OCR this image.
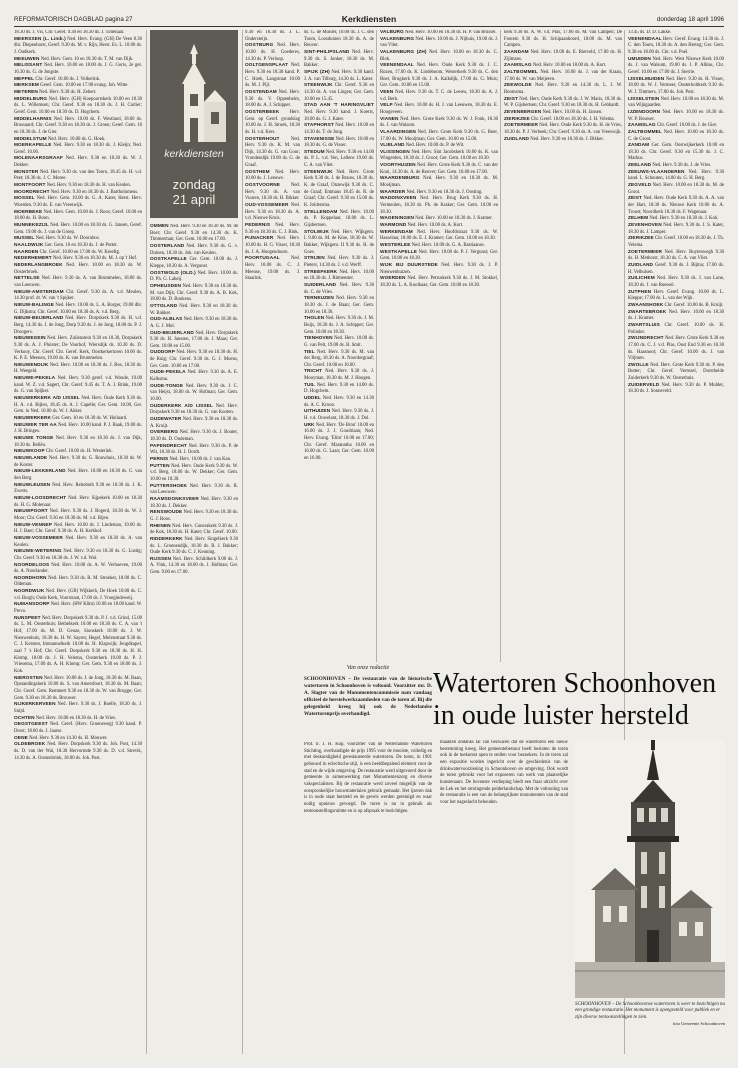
REFORMATORISCH DAGBLAD pagina 27	Kerkdiensten	donderdag 18 april 1996

18.30 ds. J. Vis, Chr. Geref. 9.30 en 18.30 ds. J. Tollenaar.

MEERSSEN (L. Limb.) Ned. Herv. Evang. (GH) De Veen 8.30 dhr. Diepenhorst, Geref. 9.30 ds. M. v. Rijn, Herst. Ev. L. 10.00 ds. J. Oudkerk.

MEEUWEN Ned. Herv. Gem. 10 en 18.30 ds. T. M. van Dijk.

MELISSANT Ned. Herv. 10.00 en 18.00 ds. J. G. Goris, 2e ger. 10.30 ds. G. de Jongste.

MEPPEL Chr. Geref. 10.00 ds. J. Volkerink.

MERKSEM Geref. Gem. 10.00 en 17.00 evang. Joh. Witte.

METEREN Ned. Herv. 9.30 ds. H. Zebert.

MIDDELBURG Ned. Herv. (GH) Koepoortskerk 10.00 en 18.30 ds. L. Willemsen; Chr. Geref. 9.30 en 18.30 ds. J. H. Carlier; Geref. Gem. 10.00 en 18.30 ds. D. Hogchem.

MIDDELHARNIS Ned. Herv. 10.00 ds. F. Westland, 18.00 ds. Brussaard; Chr. Geref. 9.30 en 18.30 ds. J. Groen; Geref. Gem. 10 en 18.30 ds. J. de Gier.

MIDDELSTUM Ned. Herv. 10.00 ds. G. Hoek.

MOERKAPELLE Ned. Herv. 9.30 en 18.30 ds. J. Kleijn; Ned. Geref. 10.00.

MOLENAARSGRAAF Ned. Herv. 9.30 en 18.30 ds. W. J. Dekker.

MONSTER Ned. Herv. 9.30 ds. van den Toorn, 18.45 ds. H. v.d. Peet; 18.30 ds. J. C. Moree.

MONTFOORT Ned. Herv. 9.30 en 18.30 ds. H. van Keulen.

MOORDRECHT Ned. Herv. 9.30 en 18.30 ds. J. Bartholomeus.

MOSSEL Ned. Herv. Gem. 10.00 ds. G. A. Kater, Herst. Herv. Woerden. 9.30 ds. E. van Vreeswijk.

MOERBEKE Ned. Herv. Gem. 10.00 ds. J. Roos; Geref. 10.00 en 18.00 ds. H. Boon.

MUNNEKEZIJL Ned. Herv. 10.00 en 18.30 ds. G. Jansen, Geref. Gem. 19.00 ds. J. van de Groep.

MUSSEL Ned. Herv. 9.30 ds. W. Doornbos.

NAALDWIJK Ger. Gem. 10 en 18.30 ds. J. de Potter.

NAARDEN Chr. Geref. 10.00 en 17.00 ds. W. Kreeftg.

NEDERHEMERT Ned. Herv. 9.30 en 18.30 ds. M. J. op 't Hof.

NEDERLANGBROEK Ned. Herv. 10.00 en 18.30 ds. W. Oosterbroek.

NETTELSE Ned. Herv. 9.30 ds. A. van Brummelen, 18.00 ds. van Leeuwen.

NIEUW-AMSTERDAM Chr. Geref. 9.30 ds. A. v.d. Meulen, 14.30 prof. dr. W. van 't Spijker.

NIEUW-BALINGE Ned. Herv. 10.00 ds. L. A. Borger, 19.00 dhr. G. Dijkstra; Chr. Geref. 10.00 en 18.30 ds. A. v.d. Berg.

NIEUW-BEIJERLAND Ned. Herv. Dorpskerk 9.30 ds. H. v.d. Berg, 14.30 ds. J. de Jong, Dorp 9.30 ds. J. de Jong, 18.00 ds. P. J. Droogers.

NIEUWEGEIN Ned. Herv. Zuilenstein 9.30 en 18.30, Dorpskerk 9.30 ds. A. J. Pluister; De Voorhof, Wiersdijk ds. 10.30 ds. D. Verkooy, Chr. Geref. Chr. Geref. Kerk, Oostkerkertoren 10.00 ds. K. P. E. Meenen, 19.00 ds. K. van Brummelen.

NIEUWENDIJK Ned. Herv. 10.00 en 18.30 ds. J. Bos, 18.30 ds. H. Weegeld.

NIEUWE-PEKELA Ned. Herv. 9.30 geref. v.d. Woude, 19.00 kand. W. Z. v.d. Sagert, Chr. Geref. 9.45 ds. T. A. J. Brink, 19.00 ds. G. van Spijker.

NIEUWERKERK A/D IJSSEL Ned. Herv. Oude Kerk 9.30 ds. H. A. v.d. Bijlen, 18.45 ds. A. J. Capelle; Ger. Gem. 10.00, Ger. Gem. in Ned. 10.00 ds. W. J. Akker.

NIEUWERKERK Ger. Gem. 10 en 18.30 ds. W. Hullaard.

NIEUWER TER AA Ned. Herv. 10.00 kand. P. J. Baak, 19.00 ds. J. H. Bringes.

NIEUWE TONGE Ned. Herv. 9.30 en 18.30 ds. J. van Dijk, 18.30 ds. Beliën.

NIEUWKOOP Chr. Geref. 10.00 ds. H. Westerink.

NIEUWLANDE Ned. Herv. 9.30 ds. G. Bouwhuis, 18.30 ds. W. de Koster.

NIEUW-LEKKERLAND Ned. Herv. 10.00 en 18.30 ds. C. van den Berg.

NIEUWLEUSEN Ned. Herv. Rehoboth 9.30 en 18.30 ds. J. K. Zwerts.

NIEUW-LOOSDRECHT Ned. Herv. Sijpekerk 10.00 en 18.30 ds. H. G. Molenaar.

NIEUWPOORT Ned. Herv. 9.30 ds. J. Bogerd, 18.30 ds. W. J. Moor; Chr. Geref. 9.30 en 18.30 ds. M. v.d. Bijen.

NIEUW-VENNEP Ned. Herv. 10.00 ds. J. Lindeman, 19.00 ds. H. J. Baer; Chr. Geref. 9.30 ds. A. H. Kerkhof.

NIEUW-VOSSEMEER Ned. Herv. 9.30 en 18.30 ds. A. van Keulen.

NIEUWE-WETERING Ned. Herv. 9.30 en 18.30 ds. G. Lustig; Chr. Geref. 9.30 en 18.30 ds. J. W. v.d. Wal.

NOORDELOOS Ned. Herv. 10.00 ds. A. W. Verhoeven, 19.00 ds. A. Noorlander.

NOORDHORN Ned. Herv. 9.30 ds. R. M. Stroeker, 18.00 ds. C. Oldeman.

NOORDWIJK Ned. Herv. (GB) Wijkkerk, De Hoek 10.00 ds. C. v.d. Burgh; Oude Kerk, Voorstraat, 17.00 ds. J. Vroegindeweij.

NUMANSDORP Ned. Herv. (HW Klim) 10.00 en 18.00 kand. W. Prevo.

NUNSPEET Ned. Herv. Dorpskerk 9.30 ds. P. J. v.d. Grind, 15.00 ds. L. M. Oosterhuis; Bethelkerk 10.00 en 18.30 ds. C. A. van 't Hof, 17.00 ds. M. D. Geuze, Sionskerk 10.00 ds. J. W. Nieuwenhuis, 18.30 ds. H. W. Sayers; Hegel, Molenstraat 9.30 ds. C. J. Kersten, Immanuelkerk 10.00 ds. H. Klapwijk; Jeugdkapel, zaal 7 's Hof; Chr. Geref. Dorpskerk 9.30 en 18.30 ds. H. H. Klomp, 18.00 ds. J. H. Velema, Oosterkerk 10.00 ds. P. J. Vriesema, 17.00 ds. A. H. Klomp; Ger. Gem. 9.30 en 18.00 ds. J. Kok.

NIEROSTEN Ned. Herv. 10.00 ds. J. de Jong, 18.30 ds. M. Baan, Opstandingskerk 10.00 ds. S. van Amersfoort, 18.30 ds. M. Baan; Chr. Geref. Gem. Remmert 9.30 en 18.30 ds. W. van Brugge; Ger. Gem. 9.30 en 18.30 ds. Brouwer.

NIJKERKERVEEN Ned. Herv. 9.30 ds. J. Roelle, 18.30 ds. J. Snijd.

OCHTEN Ned. Herv. 10.00 en 18.30 ds. H. de Vries.

OEGSTGEEST Ned. Geref. (Herv. Groeneweg) 9.30 kand. P. Drost; 18.00 ds. J. Jaarse.

OENE Ned. Herv. 9.30 en 14.30 ds. H. Mouwer.

OLDEBROEK Ned. Herv. Dorpskerk 9.30 ds. Joh. Post, 14.30 ds. D. van der Wal, 18.30 Hervormde 9.30 ds. D. v.d. Strevik, 14.30 ds. A. Oostenbrink, 18.00 ds. Joh. Post.

kerkdiensten
zondag
21 april

OMMEN Ned. Herv. 9.30 en 18.30 ds. M. de Boer; Chr. Geref. 9.30 en 14.30 ds. K. Timmerman; Ger. Gem. 10.00 en 17.00.

OOSTERLAND Ned. Herv. 9.30 ds. G. v. Duinen, 18.30 ds. Joh. van Keulen.

OOSTKAPELLE Ger. Gem. 10.00 ds. J. Kleppe, 18.30 ds. A. Vergunst.

OOSTWOLD (OLD.) Ned. Herv. 10.00 ds. D. Ph. G. Laheij.

OPHEUSDEN Ned. Herv. 9.30 en 18.30 ds. M. van Dijk; Chr. Geref. 9.30 ds. A. B. Kok, 18.00 ds. D. Bonkens.

OTTOLAND Ned. Herv. 9.30 en 18.30 ds. W. Bakker.

OUD-ALBLAS Ned. Herv. 9.30 en 18.30 ds. A. G. J. Mol.

OUD-BEIJERLAND Ned. Herv. Dorpskerk 9.30 ds. H. Janssen, 17.00 ds. J. Maas; Ger. Gem. 10.00 en 15.00.

OUDDORP Ned. Herv. 9.30 en 18.30 ds. H. de Ruig; Chr. Geref. 9.30 ds. G. J. Moens, Ger. Gem. 10.00 en 17.00.

OUDE-PEKELA Ned. Herv. 9.30 ds. A. E. Kalksma.

OUDE-TONGE Ned. Herv. 9.30 ds. J. C. van Heijst, 18.00 ds. W. Hofman; Ger. Gem. 10.00.

OUDERKERK A/D IJSSEL Ned. Herv. Dorpskerk 9.30 en 18.30 ds. G. van Kooten.

OUDEWATER Ned. Herv. 9.30 en 18.30 ds. A. Kruijt.

OVERBERG Ned. Herv. 9.30 ds. J. Bouter, 18.30 ds. D. Oudeman.

PAPENDRECHT Ned. Herv. 9.30 ds. P. de Wit, 18.30 ds. H. J. Oordt.

PERNIS Ned. Herv. 10.00 ds. J. van Kan.

PUTTEN Ned. Herv. Oude Kerk 9.30 ds. W. v.d. Berg, 18.00 ds. W. Dekker; Ger. Gem. 10.00 en 18.30.

PUTTERSHOEK Ned. Herv. 9.30 ds. R. van Leeuwen.

RAAMSDONKSVEER Ned. Herv. 9.30 en 18.30 ds. J. Dekker.

RENSWOUDE Ned. Herv. 9.30 en 18.30 ds. G. J. Roos.

RHENEN Ned. Herv. Cunerakerk 9.30 ds. J. de Kok, 18.30 ds. H. Kater; Chr. Geref. 10.00.

RIDDERKERK Ned. Herv. Singelkerk 9.30 ds. L. Groenendijk, 18.30 ds. B. J. Bakker; Oude Kerk 9.30 ds. C. J. Keuning.

RIJSSEN Ned. Herv. Schildkerk 9.00 ds. J. A. Vink, 14.30 en 18.00 ds. J. Hofman; Ger. Gem. 9.00 en 17.00.

9.30 en 18.30 ds. J. L. Ondersteijn.

OOSTBURG Ned. Herv. 10.00 ds. H. Goederes, 14.30 ds. P. Verloop.

OOLTGENSPLAAT Ned. Herv. 9.30 en 18.30 kand. P. C. Hoek, Langstraat 10.00 ds. M. J. Pijl.

OOSTENDAM Ned. Herv. 9.30 ds. V. Oppenheim, 18.00 ds. A. J. Schipper.

OOSTERBEEK Herv. Gem. op Geref. grondslag 10.00 ds. J. H. Stroek, 18.30 ds. H. v.d. Kers.

OOSTERHOUT Ned. Herv. 9.30 ds. K. M. van Dijk, 14.30 ds. G. van Goor; Vrondendijk 19.00 ds. G. de Graaf.

OOSTHEM Ned. Herv. 10.00 ds. J. Leeuwe.

OOSTVOORNE Ned. Herv. 9.30 ds. A. van Vuuren, 18.30 ds. H. Bikker.

OUD-VOSSEMEER Ned. Herv. 9.30 en 18.30 ds. A. v.d. Nieuwe Kruis.

PEDERNIS Ned. Herv. 9.30 en 18.30 ds. C. J. Blok.

PIJNACKER Ned. Herv. 10.00 ds. H. G. Visser, 18.30 ds. J. A. Hoogendoorn.

POORTUGAAL Ned. Herv. 10.00 ds. C. J. Meeuse, 19.00 ds. J. Staarink.

ds. G. de Muider, 10.00 ds. J. C. den Toom, Loosduinen 18.30 ds. A. de Reuver.

SINT-PHILIPSLAND Ned. Herv. 9.30 ds. S. Jonker, 18.30 ds. M. Bakker.

SPIJK (ZH) Ned. Herv. 9.30 kand. J. A. van Tilburg, 14.30 ds. L. Kater.

STEENWIJK Chr. Geref. 9.30 en 14.30 ds. A. van Lingen; Ger. Gem. 10.00 en 15.45.

STAD AAN 'T HARINGVLIET Ned. Herv. 9.30 kand. J. Koerts, 18.00 ds. G. J. Kater.

STAPHORST Ned. Herv. 10.00 en 14.30 ds. T. de Jong.

STAVENISSE Ned. Herv. 10.00 en 18.30 ds. G. de Visser.

STEDUM Ned. Herv. 9.30 en 14.00 ds. P. L. v.d. Ven, Lellens 19.00 ds. C. A. van Vliet.

STEENWIJK Ned. Herv. Grote Kerk 9.30 ds. J. de Brauw, 18.30 ds. K. de Graaf, Onzewijk 9.30 ds. C. de Graaf, Emmaus 18.45 ds. R. de Graaf; Chr. Geref. 9.30 en 15.00 ds. K. Joldersma.

STELLENDAM Ned. Herv. 10.00 ds. P. Koppelaar, 18.00 ds. L. Gijsbertsen.

STOLWIJK Ned. Herv. Wijkgem. I. 9.00 ds. M. de Kloe, 18.30 ds. W. Bakker, Wijkgem. II 9.30 ds. H. de Goes.

STRIJEN Ned. Herv. 9.30 ds. J. Pieters, 14.30 ds. J. v.d. Werff.

STREEFKERK Ned. Herv. 10.00 en 18.30 ds. J. Ritmeester.

SUIDERLAND Ned. Herv. 9.30 ds. C. de Vries.

TERNEUZEN Ned. Herv. 9.30 en 18.30 ds. J. de Baan; Ger. Gem. 10.00 en 18.30.

THOLEN Ned. Herv. 9.30 ds. J. M. Buijs, 18.30 ds. J. A. Schipper; Ger. Gem. 10.00 en 18.30.

TIENHOVEN Ned. Herv. 10.00 ds. G. van Pelt, 19.00 ds. B. Smit.

TIEL Ned. Herv. 9.30 ds. M. van der Berg, 18.30 ds. A. Noordergraaf; Chr. Geref. 10.00 en 16.00.

TRICHT Ned. Herv. 9.30 ds. J. Mooyman, 18.30 ds. M. J. Hoogen.

TUIL Ned. Herv. 9.30 en 14.00 ds. D. Hogchem.

UDDEL Ned. Herv. 9.30 en 14.30 ds. A. C. Kroon.

UITHUIZEN Ned. Herv. 9.30 ds. J. H. v.d. Ouwelant, 18.30 ds. J. Dol.

URK Ned. Herv. 'De Bron' 10.00 en 16.00 ds. J. J. Goudriaan; Ned. Herv. Evang. 'Elim' 10.00 en 17.00; Chr. Geref. Maranatha 10.00 en 16.00 ds. G. Laan; Ger. Gem. 10.00 en 16.00.

VALBURG Ned. Herv. 10.00 en 18.30 ds. H. P. van Brussel.

VALKENBURG Ned. Herv. 10.00 ds. J. Nijhuis, 19.00 ds. J. van Vliet.

VALKENBURG (ZH) Ned. Herv. 10.00 en 18.30 ds. C. Blok.

VEENENDAAL Ned. Herv. Oude Kerk 9.30 ds. J. C. Rozen, 17.00 ds. K. Lindeboom, Westerkerk 9.30 ds. C. den Boer, Brugkerk 9.30 ds. J. A. Kalkdijk, 17.00 ds. G. Muis; Ger. Gem. 10.00 en 15.00.

VEEN Ned. Herv. 9.30 ds. T. C. de Leeuw, 18.30 ds. A. J. v.d. Berk.

VELP Ned. Herv. 10.00 ds. H. J. van Leeuwen, 18.30 ds. E. Hoogeveen.

VIANEN Ned. Herv. Grote Kerk 9.30 ds. W. J. Fonk, 18.30 ds. J. van Walsum.

VLAARDINGEN Ned. Herv. Grote Kerk 9.30 ds. G. Boer, 17.00 ds. W. Mooijman; Ger. Gem. 10.00 en 15.00.

VLIELAND Ned. Herv. 10.00 ds. P. de Wit.

VLISSINGEN Ned. Herv. Sint Jacobskerk 10.00 ds. K. van Wingerden, 18.30 ds. J. Groot; Ger. Gem. 10.00 en 18.30.

VOORTHUIZEN Ned. Herv. Grote Kerk 9.30 ds. C. van der Kooi, 14.30 ds. A. de Reuver; Ger. Gem. 10.00 en 17.00.

WAARDENBURG Ned. Herv. 9.30 en 18.30 ds. M. Mooijman.

WAARDER Ned. Herv. 9.30 en 18.30 ds. J. Oosting.

WADDINXVEEN Ned. Herv. Brug Kerk 9.30 ds. H. Vermeulen, 18.30 ds. Ph. de Kraker; Ger. Gem. 10.00 en 18.30.

WAGENINGEN Ned. Herv. 10.00 en 18.30 ds. J. Kramer.

WARMOND Ned. Herv. 10.00 ds. A. Kort.

WERKENDAM Ned. Herv. Hoofdstraat 9.30 ds. W. Hasselaar, 18.00 ds. E. J. Kramer; Ger. Gem. 10.00 en 18.30.

WESTERLEE Ned. Herv. 10.00 ds. G. A. Bastiaanse.

WESTKAPELLE Ned. Herv. 10.00 ds. P. J. Vergunst; Ger. Gem. 10.00 en 18.30.

WIJK BIJ DUURSTEDE Ned. Herv. 9.30 ds. J. P. Nieuwenhuizen.

WOERDEN Ned. Herv. Petruskerk 9.30 ds. J. M. Stokkel, 18.30 ds. L. A. Koolhaas; Ger. Gem. 10.00 en 18.30.

kerk 9.30 ds. A. W. v.d. Plas, 17.00 ds. M. van Campen; De Fontein 9.30 ds. H. Schipaanboord, 18.00 ds. M. van Campen.

ZAANDAM Ned. Herv. 10.00 ds. E. Rietveld, 17.00 ds. H. Zijlmans.

ZAAMSLAG Ned. Herv. 10.00 en 18.00 ds. A. Kort.

ZALTBOMMEL Ned. Herv. 10.00 ds. J. van der Kraan, 17.00 ds. W. van Meijeren.

ZEEWOLDE Ned. Herv. 9.30 en 14.30 ds. L. J. W. Boomsma.

ZEIST Ned. Herv. Oude Kerk 9.30 ds. J. W. Maris, 18.30 ds. W. P. Gijsbertsen; Chr. Geref. 9.30 en 18.30 ds. H. Gebhardt.

ZEVENBERGEN Ned. Herv. 10.00 ds. H. Jansen.

ZIERIKZEE Chr. Geref. 10.00 en 18.30 ds. J. H. Velema.

ZOETERMEER Ned. Herv. Oude Kerk 9.30 ds. H. de Vries, 18.30 ds. P. J. Verbeek; Chr. Geref. 9.30 ds. A. van Vreeswijk.

ZUIDLAND Ned. Herv. 9.30 en 18.30 ds. J. Bikker.

13.45 ds. D. D. Lakke.

VEENENDAAL Herv. Geref. Evang. 14.30 ds. J. C. den Toom, 18.30 ds. A. den Hertog; Ger. Gem. 9.30 en 18.00 ds. Chr. v.d. Poel.

UMUIDEN Ned. Herv. West Nieuwe Kerk 10.00 ds. J. van Walsum, 19.00 ds. J. P. Albias, Chr. Geref. 10.00 en 17.00 ds. J. Sterrie.

IJSSELMUIDEN Ned. Herv. 9.30 ds. H. Visser, 18.00 ds. W. J. Vermeer, Oosterholtkerk 9.30 ds. W. J. Timmers, 17.00 ds. Joh. Post.

IJSSELSTEIN Ned. Herv. 10.00 en 18.30 ds. M. van Wijngaarden.

IJZENDOORN Ned. Herv. 10.00 en 18.30 ds. W. P. Bouwer.

ZAAMSLAG Chr. Geref. 10.00 ds. J. de Gier.

ZALTBOMMEL Ned. Herv. 10.00 en 18.30 ds. C. de Groot.

ZANDAM Ger. Gem. Oostwijkerkerk 10.00 en 18.30 ds. Chr. Geref. 9.30 en 15.30 ds. J. C. Markus.

ZEELAND Ned. Herv. 9.30 ds. J. de Vries.

ZEEUWS-VLAANDEREN Ned. Herv. 9.30 kand. L. Schouten, 14.00 ds. G. H. Berg.

ZEGVELD Ned. Herv. 10.00 en 18.30 ds. M. de Groot.

ZEIST Ned. Herv. Oude Kerk 9.30 ds. A. A. van der Hart, 18.30 ds. Nieuwe Kerk 10.00 ds. A. Troost; Noordkerk 18.30 ds. F. Wagenaar.

ZELHEM Ned. Herv. 9.30 en 18.30 ds. J. Kok.

ZEVENHOVEN Ned. Herv. 9.30 ds. J. S. Kater, 18.30 ds. J. Lamper.

ZIERIKZEE Chr. Geref. 10.00 en 18.30 ds. J. Th. Velema.

ZOETERMEER Ned. Herv. Buytenwegh 9.30 ds. H. Methorst, 18.30 ds. C. A. van Vliet.

ZUIDLAND Geref. 9.30 ds. J. Bijma; 17.00 ds. H. Velhuisen.

ZUILICHEM Ned. Herv. 9.30 ds. J. van Lune, 18.30 ds. J. van Roessel.

ZUTPHEN Herv. Geref. Evang. 10.00 ds. L. Kleppe; 17.00 ds. L. van der Wijk.

ZWAANSHOEK Chr. Geref. 10.00 ds. B. Kruijt.

ZWARTEBROEK Ned. Herv. 10.00 en 18.30 ds. J. Kramer.

ZWARTSLUIS Chr. Geref. 10.00 ds. H. Polinder.

ZWIJNDRECHT Ned. Herv. Grote Kerk 9.30 en 17.00 ds. C. J. v.d. Plas, Oost End 9.30 en 18.30 ds. Haasnoot; Chr. Geref. 10.00 ds. J. van Vlijmen.

ZWOLLE Ned. Herv. Grote Kerk 9.30 ds. P. den Butter; Chr. Geref. Verrezel, Dorstheide Zuiderkerk 9.30 ds. W. Oosterhuis.

ZUIDERVELD Ned. Herv. 9.30 ds. P. Mulder, 18.30 ds. J. Sonneveld.

Van onze redactie	Watertoren Schoonhoven in oude luister hersteld
SCHOONHOVEN – De restauratie van de historische watertoren in Schoonhoven is voltooid. Voorzitter mr. D. A. Slagter van de Monumentencommissie nam vandaag officieel de herstelwerkzaamheden van de toren af. Bij die gelegenheid kreeg hij ook de Nederlandse Watertorenprijs overhandigd.
Prof. ir. J. H. Kop, voorzitter van de Nederlandse Watertoren Stichting, overhandigde de prijs 1995 voor de mooiste, volledig en met deskundigheid gerestaureerde watertoren. De toren, in 1901 gebouwd in eclectische stijl, is een beeldbepalend element voor de stad en de wijde omgeving. De restauratie werd uitgevoerd door de gemeente in samenwerking met Monumentenzorg en diverse vakspecialisten. Bij de restauratie werd zoveel mogelijk van de oorspronkelijke bouwmaterialen gebruik gemaakt. Het ijzeren dak is in oude staat hersteld en de gevels werden gereinigd en waar nodig opnieuw gevoegd. De toren is nu in gebruik als tentoonstellingsruimte en is op afspraak te bezichtigen.
maakten ondanks tal van bezwaren dat de watertoren een nieuw bestemming kreeg. Het gemeentebestuur heeft besloten de toren ook in de toekomst open te stellen voor bezoekers. In de toren zal een expositie worden ingericht over de geschiedenis van de drinkwatervoorziening in Schoonhoven en omgeving. Ook wordt de toren gebruikt voor het exposeren van werk van plaatselijke kunstenaars. De bovenste verdieping biedt een fraai uitzicht over de Lek en het omringende polderlandschap. Met de voltooiing van de restauratie is een van de belangrijkste monumenten van de stad voor het nageslacht behouden.
SCHOONHOVEN – De Schoonhovense watertoren is weer te bezichtigen na een grondige restauratie. Het monument is opengesteld voor publiek en er zijn diverse tentoonstellingen te zien.
foto Gemeente Schoonhoven
